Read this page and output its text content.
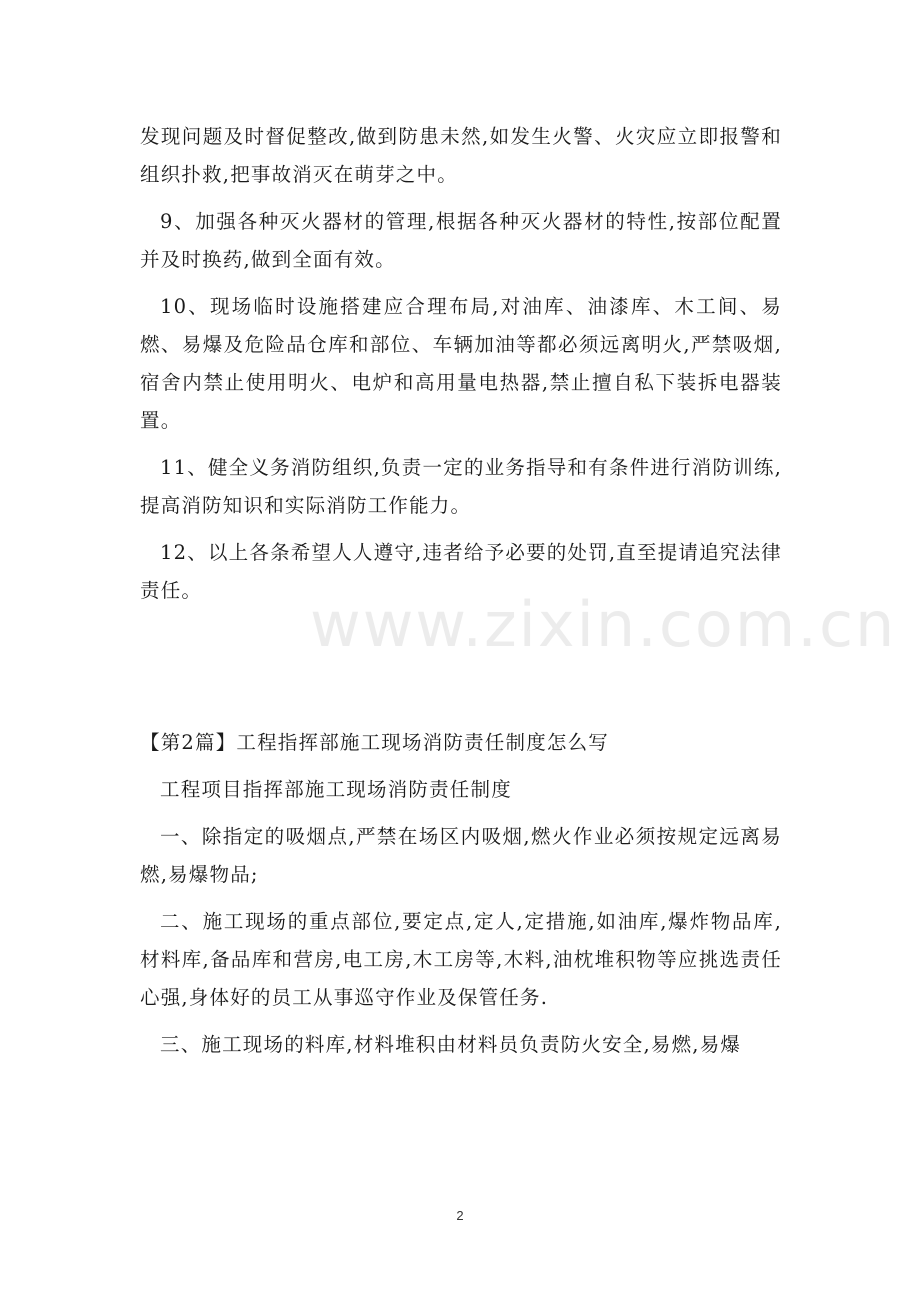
发现问题及时督促整改,做到防患未然,如发生火警、火灾应立即报警和组织扑救,把事故消灭在萌芽之中。

9、加强各种灭火器材的管理,根据各种灭火器材的特性,按部位配置并及时换药,做到全面有效。

10、现场临时设施搭建应合理布局,对油库、油漆库、木工间、易燃、易爆及危险品仓库和部位、车辆加油等都必须远离明火,严禁吸烟,宿舍内禁止使用明火、电炉和高用量电热器,禁止擅自私下装拆电器装置。

11、健全义务消防组织,负责一定的业务指导和有条件进行消防训练,提高消防知识和实际消防工作能力。

12、以上各条希望人人遵守,违者给予必要的处罚,直至提请追究法律责任。

【第2篇】工程指挥部施工现场消防责任制度怎么写

工程项目指挥部施工现场消防责任制度

一、除指定的吸烟点,严禁在场区内吸烟,燃火作业必须按规定远离易燃,易爆物品;

二、施工现场的重点部位,要定点,定人,定措施,如油库,爆炸物品库,材料库,备品库和营房,电工房,木工房等,木料,油枕堆积物等应挑选责任心强,身体好的员工从事巡守作业及保管任务.

三、施工现场的料库,材料堆积由材料员负责防火安全,易燃,易爆

www.zixin.com.cn
2
